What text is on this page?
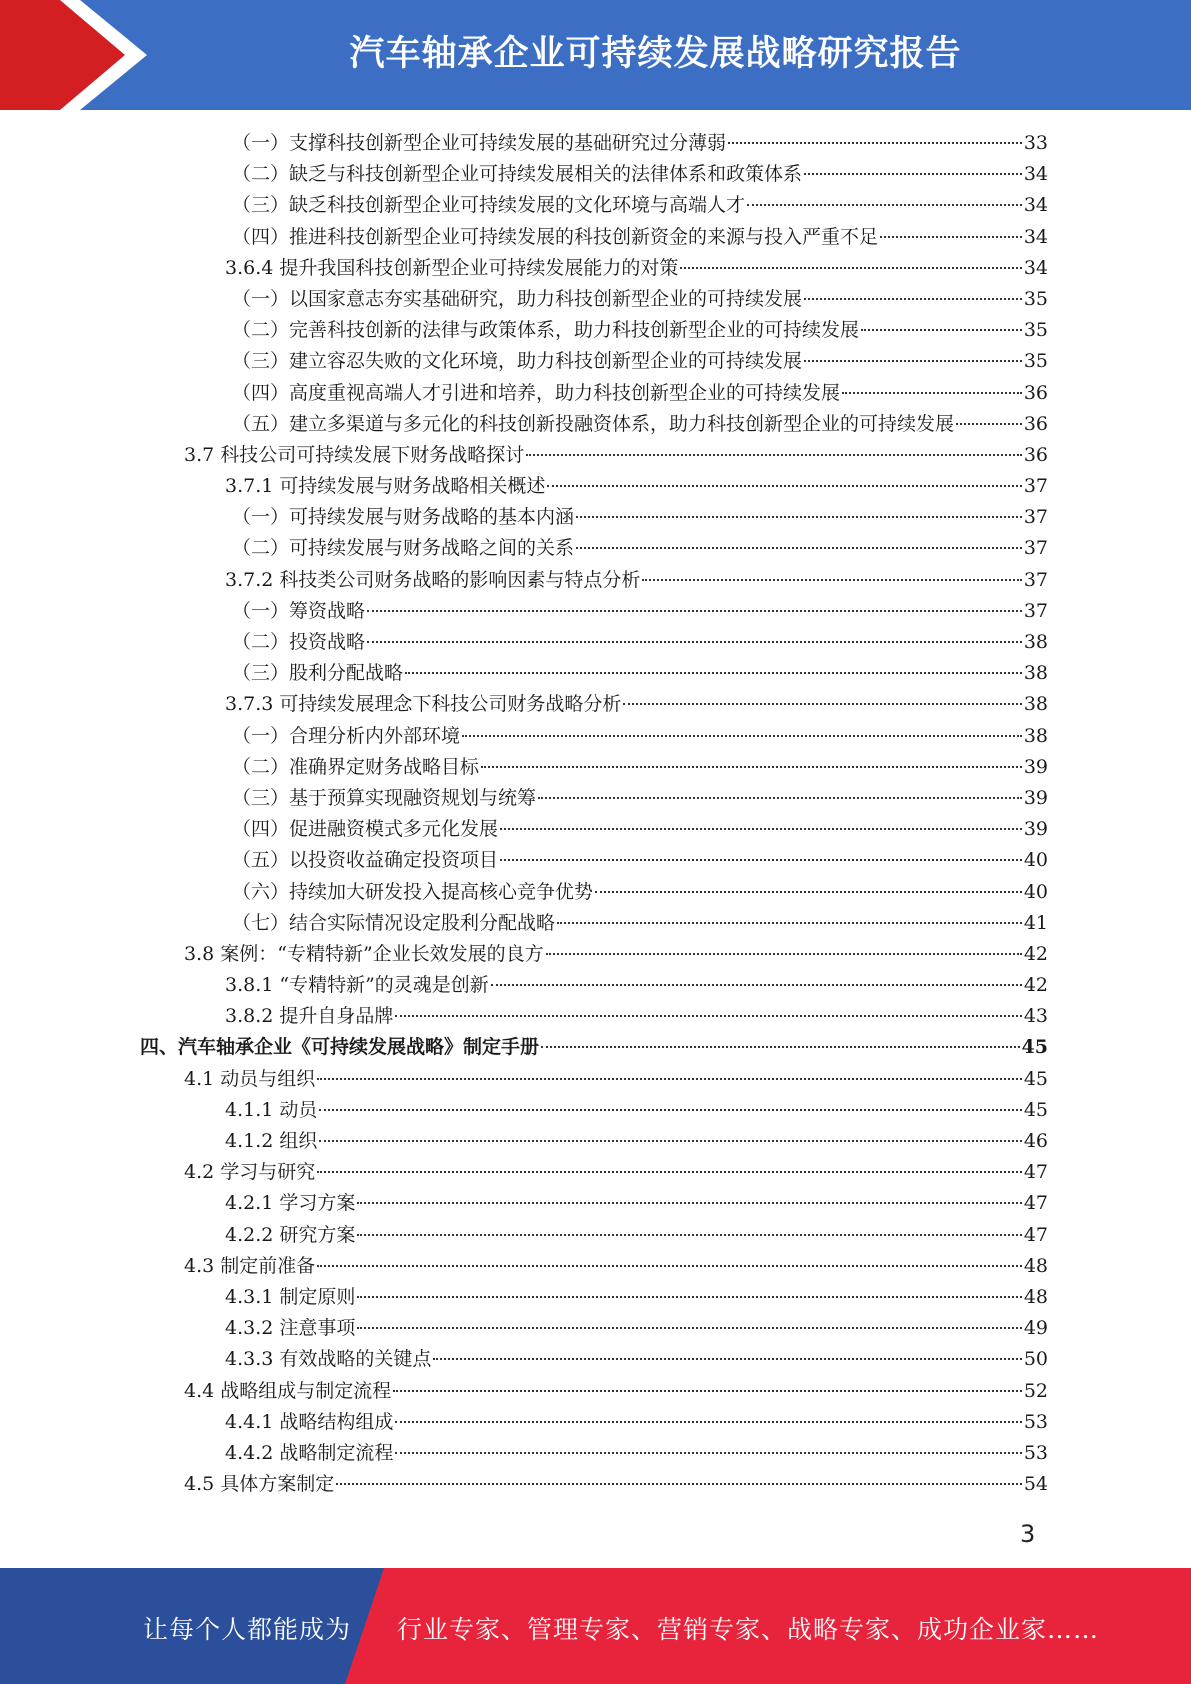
汽车轴承企业可持续发展战略研究报告
（一）支撑科技创新型企业可持续发展的基础研究过分薄弱	33
（二）缺乏与科技创新型企业可持续发展相关的法律体系和政策体系	34
（三）缺乏科技创新型企业可持续发展的文化环境与高端人才	34
（四）推进科技创新型企业可持续发展的科技创新资金的来源与投入严重不足	34
3.6.4 提升我国科技创新型企业可持续发展能力的对策	34
（一）以国家意志夯实基础研究，助力科技创新型企业的可持续发展	35
（二）完善科技创新的法律与政策体系，助力科技创新型企业的可持续发展	35
（三）建立容忍失败的文化环境，助力科技创新型企业的可持续发展	35
（四）高度重视高端人才引进和培养，助力科技创新型企业的可持续发展	36
（五）建立多渠道与多元化的科技创新投融资体系，助力科技创新型企业的可持续发展	36
3.7 科技公司可持续发展下财务战略探讨	36
3.7.1 可持续发展与财务战略相关概述	37
（一）可持续发展与财务战略的基本内涵	37
（二）可持续发展与财务战略之间的关系	37
3.7.2 科技类公司财务战略的影响因素与特点分析	37
（一）筹资战略	37
（二）投资战略	38
（三）股利分配战略	38
3.7.3 可持续发展理念下科技公司财务战略分析	38
（一）合理分析内外部环境	38
（二）准确界定财务战略目标	39
（三）基于预算实现融资规划与统筹	39
（四）促进融资模式多元化发展	39
（五）以投资收益确定投资项目	40
（六）持续加大研发投入提高核心竞争优势	40
（七）结合实际情况设定股利分配战略	41
3.8 案例：“专精特新”企业长效发展的良方	42
3.8.1 “专精特新”的灵魂是创新	42
3.8.2 提升自身品牌	43
四、汽车轴承企业《可持续发展战略》制定手册	45
4.1 动员与组织	45
4.1.1 动员	45
4.1.2 组织	46
4.2 学习与研究	47
4.2.1 学习方案	47
4.2.2 研究方案	47
4.3 制定前准备	48
4.3.1 制定原则	48
4.3.2 注意事项	49
4.3.3 有效战略的关键点	50
4.4 战略组成与制定流程	52
4.4.1 战略结构组成	53
4.4.2 战略制定流程	53
4.5 具体方案制定	54
3
让每个人都能成为 行业专家、管理专家、营销专家、战略专家、成功企业家……
